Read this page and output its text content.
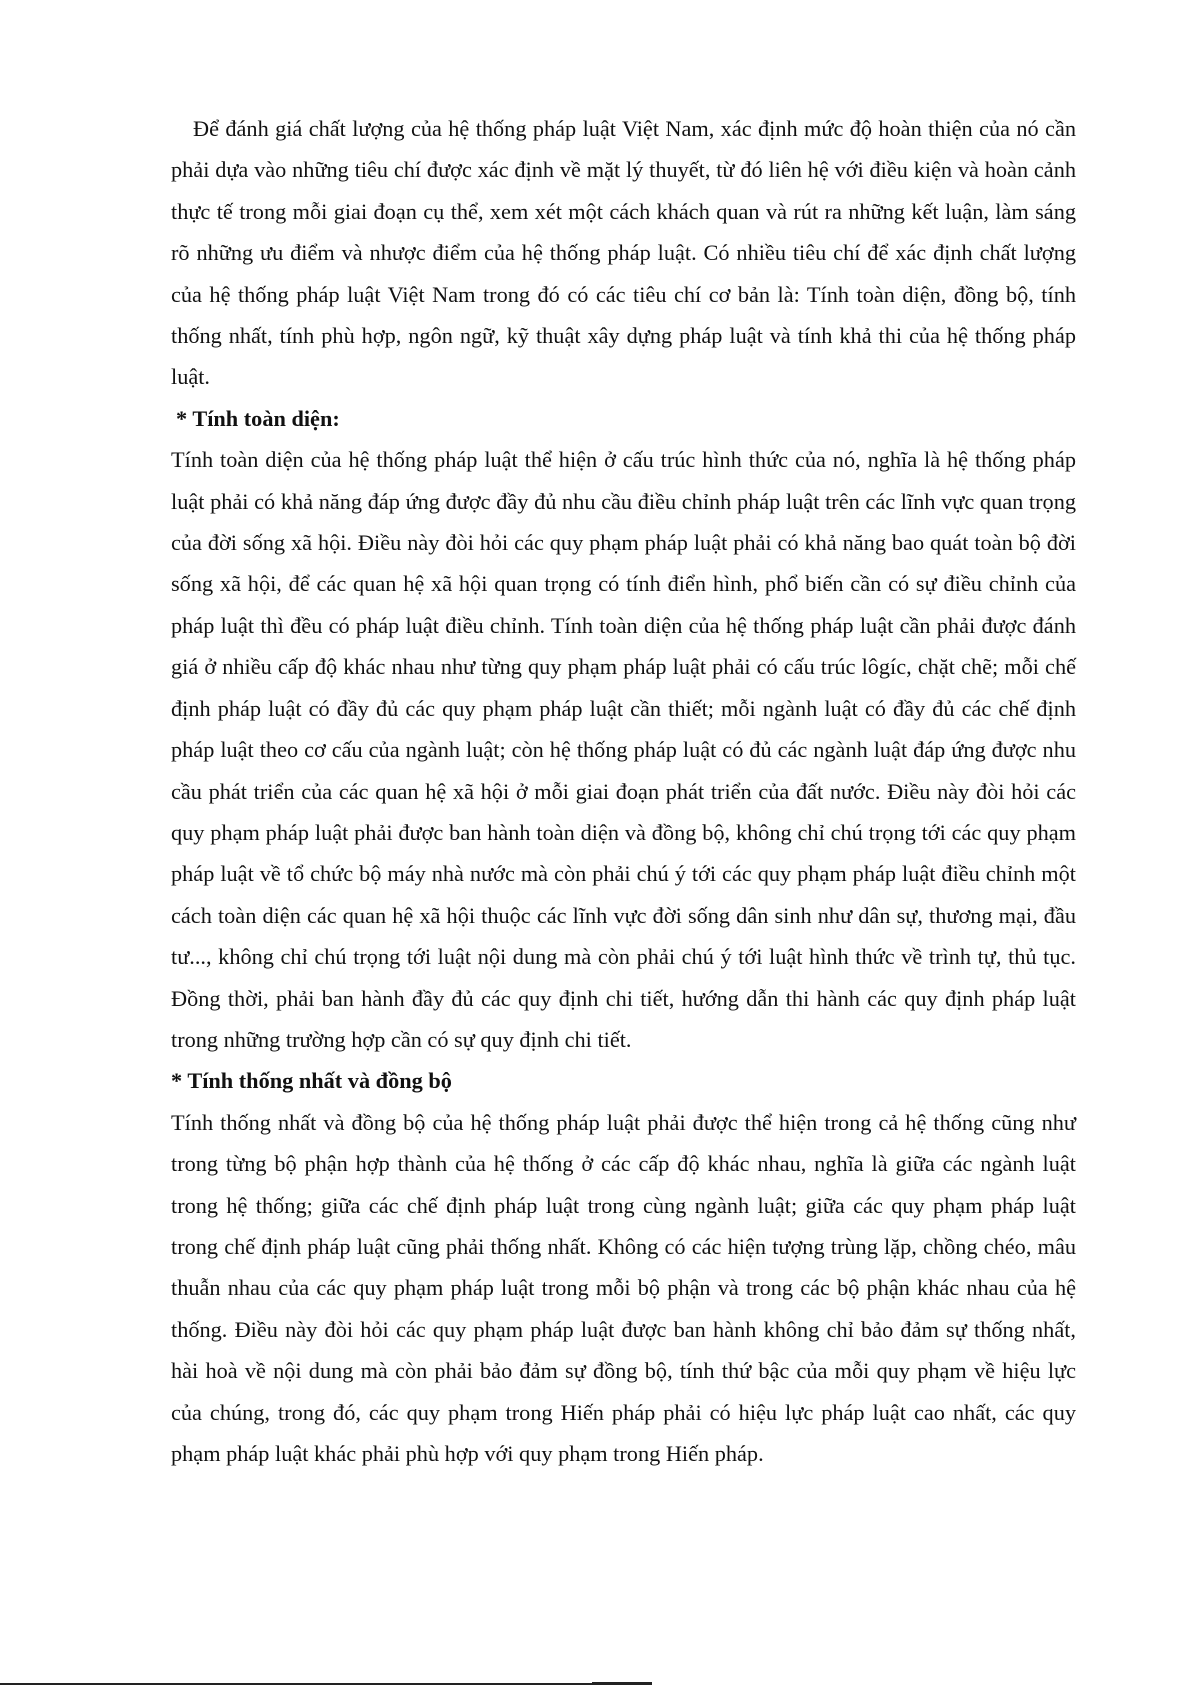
Để đánh giá chất lượng của hệ thống pháp luật Việt Nam, xác định mức độ hoàn thiện của nó cần phải dựa vào những tiêu chí được xác định về mặt lý thuyết, từ đó liên hệ với điều kiện và hoàn cảnh thực tế trong mỗi giai đoạn cụ thể, xem xét một cách khách quan và rút ra những kết luận, làm sáng rõ những ưu điểm và nhược điểm của hệ thống pháp luật. Có nhiều tiêu chí để xác định chất lượng của hệ thống pháp luật Việt Nam trong đó có các tiêu chí cơ bản là: Tính toàn diện, đồng bộ, tính thống nhất, tính phù hợp, ngôn ngữ, kỹ thuật xây dựng pháp luật và tính khả thi của hệ thống pháp luật.

* Tính toàn diện:

Tính toàn diện của hệ thống pháp luật thể hiện ở cấu trúc hình thức của nó, nghĩa là hệ thống pháp luật phải có khả năng đáp ứng được đầy đủ nhu cầu điều chỉnh pháp luật trên các lĩnh vực quan trọng của đời sống xã hội. Điều này đòi hỏi các quy phạm pháp luật phải có khả năng bao quát toàn bộ đời sống xã hội, để các quan hệ xã hội quan trọng có tính điển hình, phổ biến cần có sự điều chỉnh của pháp luật thì đều có pháp luật điều chỉnh. Tính toàn diện của hệ thống pháp luật cần phải được đánh giá ở nhiều cấp độ khác nhau như từng quy phạm pháp luật phải có cấu trúc lôgíc, chặt chẽ; mỗi chế định pháp luật có đầy đủ các quy phạm pháp luật cần thiết; mỗi ngành luật có đầy đủ các chế định pháp luật theo cơ cấu của ngành luật; còn hệ thống pháp luật có đủ các ngành luật đáp ứng được nhu cầu phát triển của các quan hệ xã hội ở mỗi giai đoạn phát triển của đất nước. Điều này đòi hỏi các quy phạm pháp luật phải được ban hành toàn diện và đồng bộ, không chỉ chú trọng tới các quy phạm pháp luật về tổ chức bộ máy nhà nước mà còn phải chú ý tới các quy phạm pháp luật điều chỉnh một cách toàn diện các quan hệ xã hội thuộc các lĩnh vực đời sống dân sinh như dân sự, thương mại, đầu tư..., không chỉ chú trọng tới luật nội dung mà còn phải chú ý tới luật hình thức về trình tự, thủ tục. Đồng thời, phải ban hành đầy đủ các quy định chi tiết, hướng dẫn thi hành các quy định pháp luật trong những trường hợp cần có sự quy định chi tiết.

* Tính thống nhất và đồng bộ

Tính thống nhất và đồng bộ của hệ thống pháp luật phải được thể hiện trong cả hệ thống cũng như trong từng bộ phận hợp thành của hệ thống ở các cấp độ khác nhau, nghĩa là giữa các ngành luật trong hệ thống; giữa các chế định pháp luật trong cùng ngành luật; giữa các quy phạm pháp luật trong chế định pháp luật cũng phải thống nhất. Không có các hiện tượng trùng lặp, chồng chéo, mâu thuẫn nhau của các quy phạm pháp luật trong mỗi bộ phận và trong các bộ phận khác nhau của hệ thống. Điều này đòi hỏi các quy phạm pháp luật được ban hành không chỉ bảo đảm sự thống nhất, hài hoà về nội dung mà còn phải bảo đảm sự đồng bộ, tính thứ bậc của mỗi quy phạm về hiệu lực của chúng, trong đó, các quy phạm trong Hiến pháp phải có hiệu lực pháp luật cao nhất, các quy phạm pháp luật khác phải phù hợp với quy phạm trong Hiến pháp.
